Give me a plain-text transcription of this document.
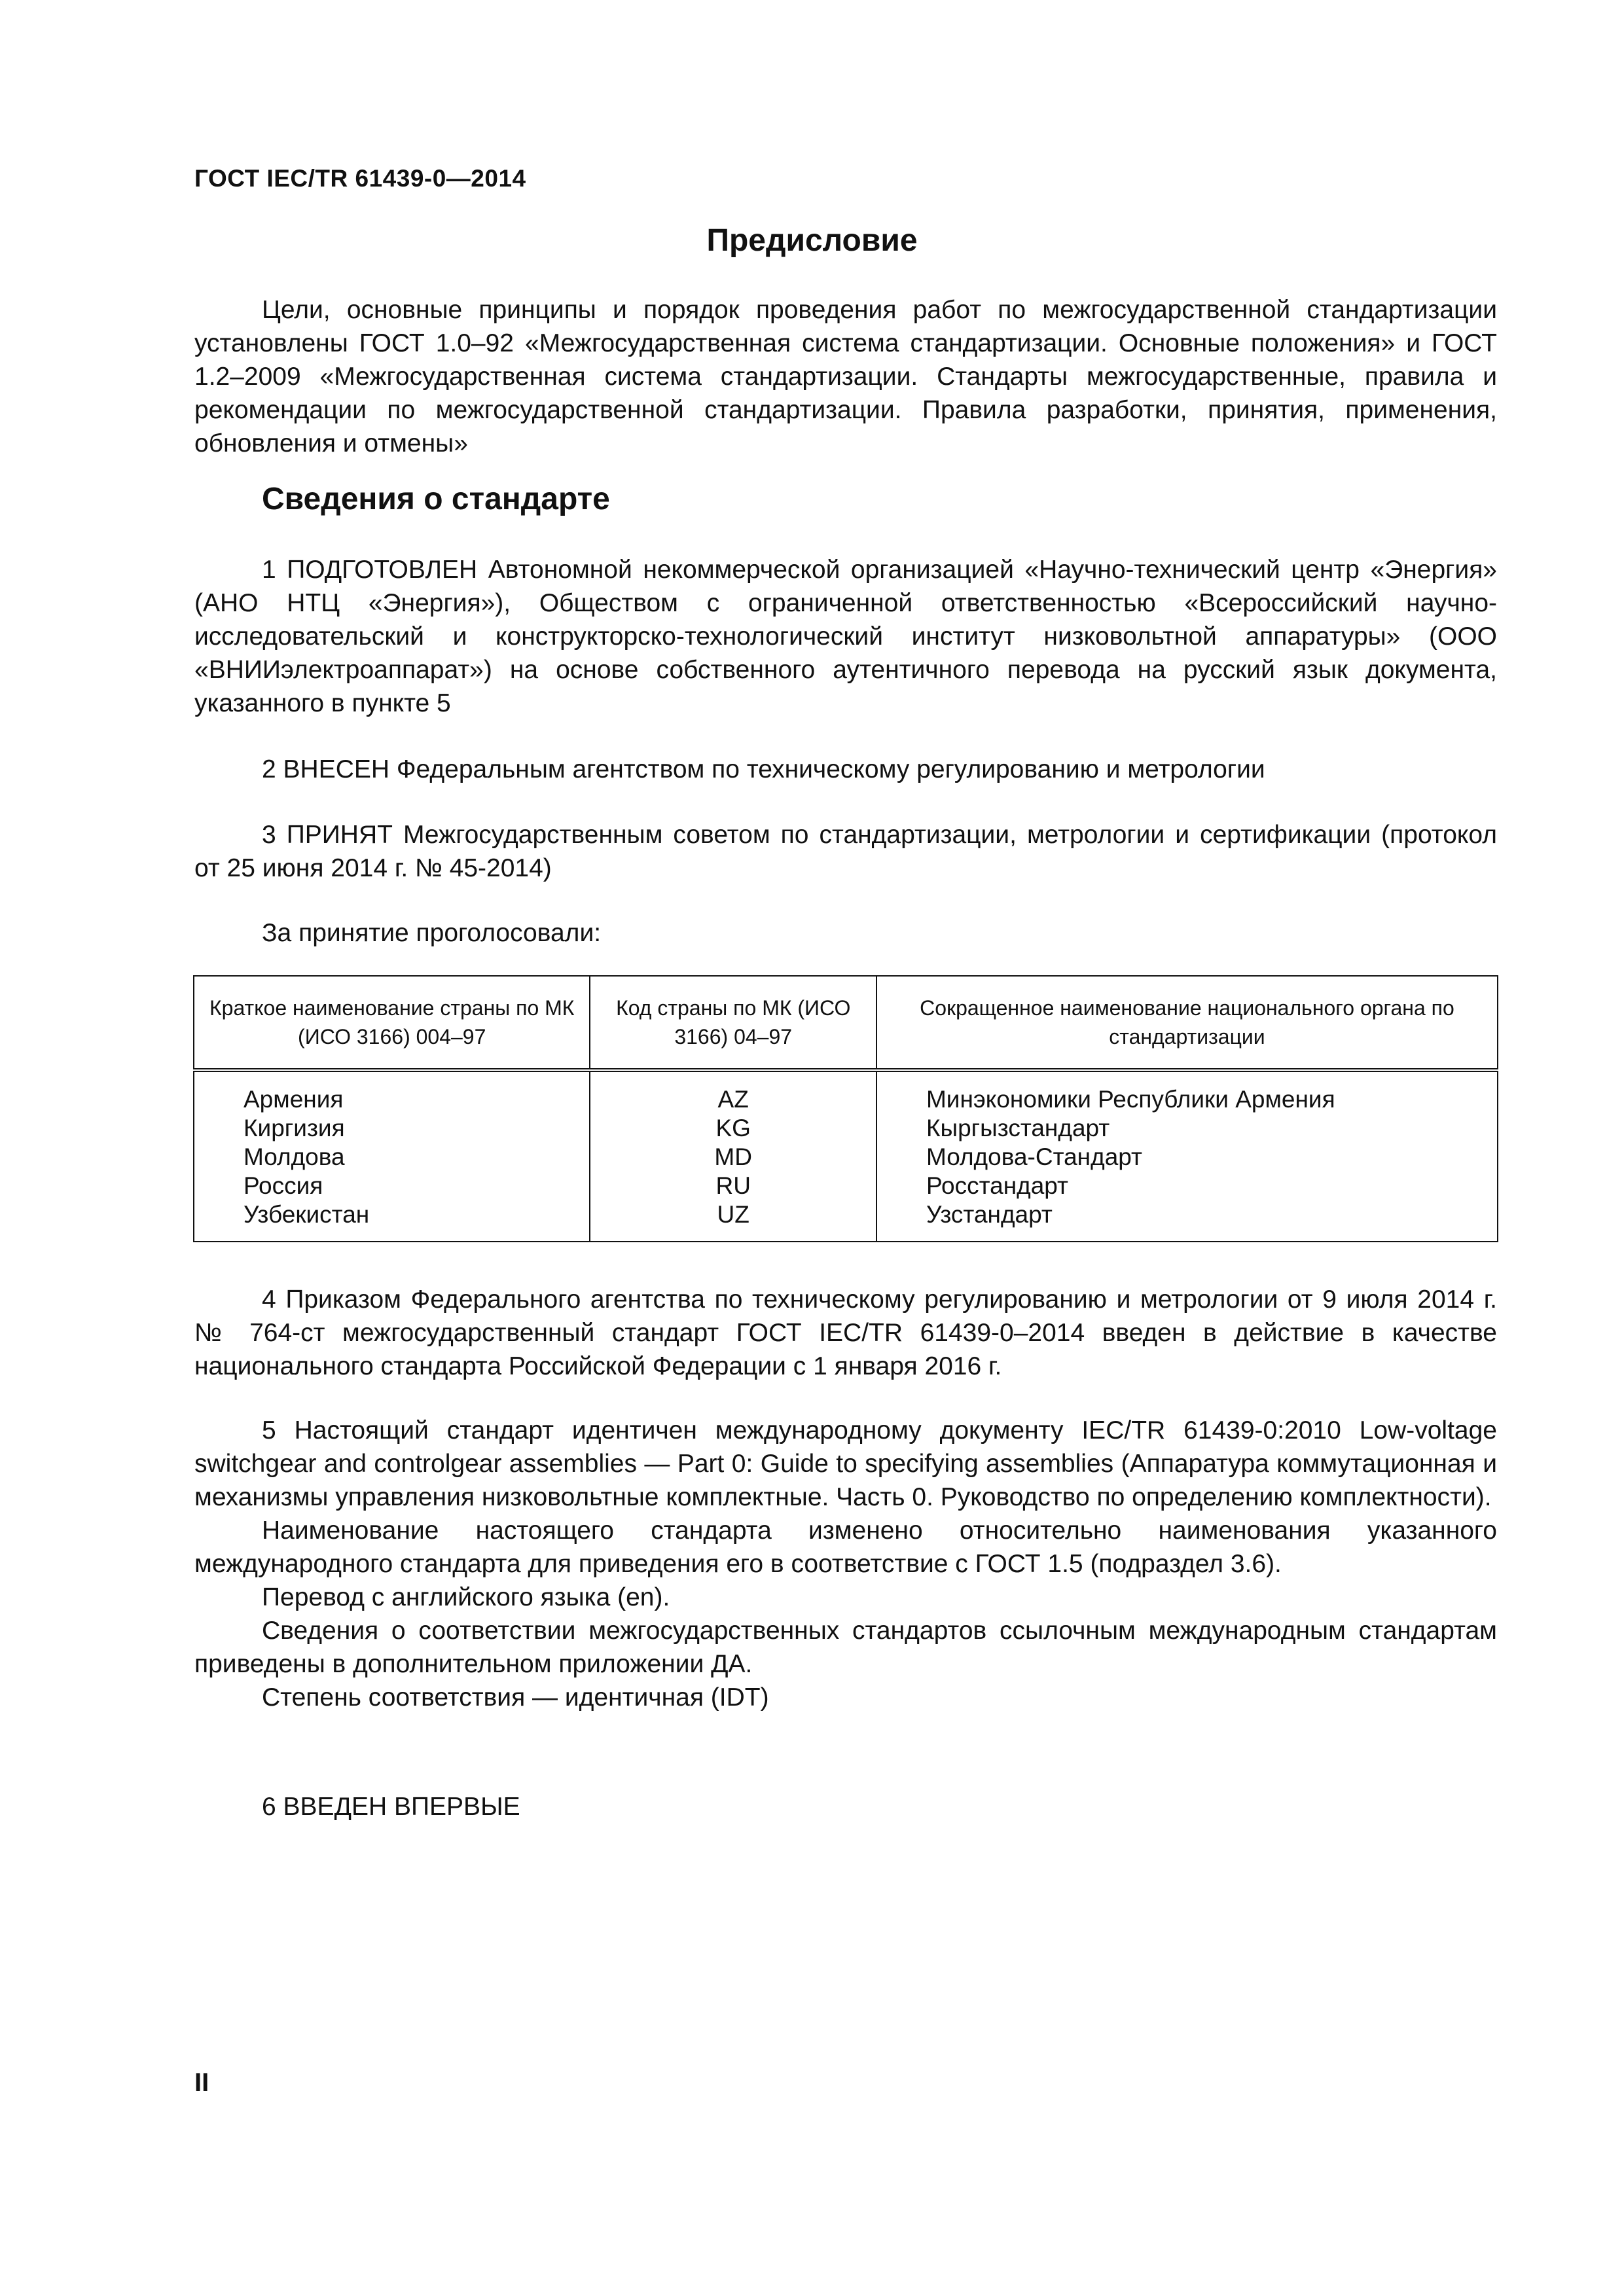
ГОСТ IEC/TR 61439-0—2014
Предисловие
Цели, основные принципы и порядок проведения работ по межгосударственной стандартизации установлены ГОСТ 1.0–92 «Межгосударственная система стандартизации. Основные положения» и ГОСТ 1.2–2009 «Межгосударственная система стандартизации. Стандарты межгосударственные, правила и рекомендации по межгосударственной стандартизации. Правила разработки, принятия, применения, обновления и отмены»
Сведения о стандарте
1 ПОДГОТОВЛЕН Автономной некоммерческой организацией «Научно-технический центр «Энергия» (АНО НТЦ «Энергия»), Обществом с ограниченной ответственностью «Всероссийский научно-исследовательский и конструкторско-технологический институт низковольтной аппаратуры» (ООО «ВНИИэлектроаппарат») на основе собственного аутентичного перевода на русский язык документа, указанного в пункте 5
2 ВНЕСЕН Федеральным агентством по техническому регулированию и метрологии
3 ПРИНЯТ Межгосударственным советом по стандартизации, метрологии и сертификации (протокол от 25 июня 2014 г. № 45-2014)
За принятие проголосовали:
Краткое наименование страны по МК (ИСО 3166) 004–97	Код страны по МК (ИСО 3166) 04–97	Сокращенное наименование национального органа по стандартизации
Армения	AZ	Минэкономики Республики Армения
Киргизия	KG	Кыргызстандарт
Молдова	MD	Молдова-Стандарт
Россия	RU	Росстандарт
Узбекистан	UZ	Узстандарт
4 Приказом Федерального агентства по техническому регулированию и метрологии от 9 июля 2014 г. № 764-ст межгосударственный стандарт ГОСТ IEC/TR 61439-0–2014 введен в действие в качестве национального стандарта Российской Федерации с 1 января 2016 г.
5 Настоящий стандарт идентичен международному документу IEC/TR 61439-0:2010 Low-voltage switchgear and controlgear assemblies — Part 0: Guide to specifying assemblies (Аппаратура коммутационная и механизмы управления низковольтные комплектные. Часть 0. Руководство по определению комплектности).
Наименование настоящего стандарта изменено относительно наименования указанного международного стандарта для приведения его в соответствие с ГОСТ 1.5 (подраздел 3.6).
Перевод с английского языка (en).
Сведения о соответствии межгосударственных стандартов ссылочным международным стандартам приведены в дополнительном приложении ДА.
Степень соответствия — идентичная (IDT)
6 ВВЕДЕН ВПЕРВЫЕ
II
